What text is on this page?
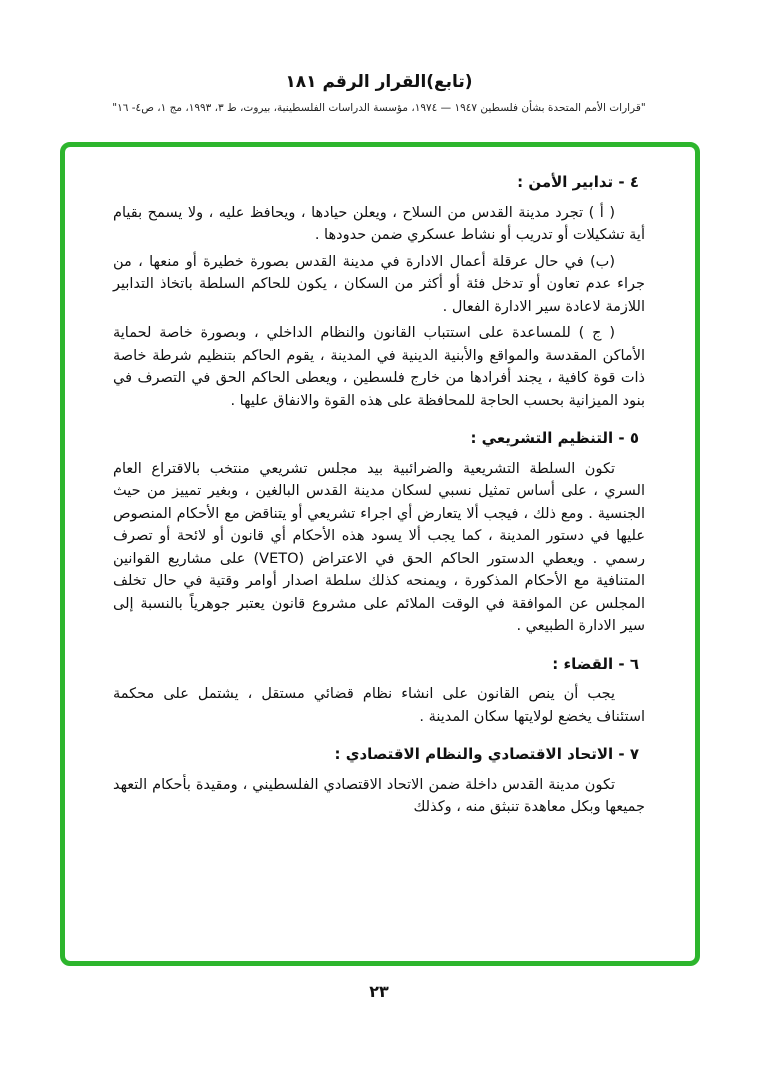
(تابع)القرار الرقم ١٨١
"قرارات الأمم المتحدة بشأن فلسطين ١٩٤٧ — ١٩٧٤، مؤسسة الدراسات الفلسطينية، بيروت، ط ٣، ١٩٩٣، مج ١، ص٤- ١٦"
٤ - تدابير الأمن :

( أ ) تجرد مدينة القدس من السلاح ، ويعلن حيادها ، ويحافظ عليه ، ولا يسمح بقيام أية تشكيلات أو تدريب أو نشاط عسكري ضمن حدودها .

(ب) في حال عرقلة أعمال الادارة في مدينة القدس بصورة خطيرة أو منعها ، من جراء عدم تعاون أو تدخل فئة أو أكثر من السكان ، يكون للحاكم السلطة باتخاذ التدابير اللازمة لاعادة سير الادارة الفعال .

( ج ) للمساعدة على استتباب القانون والنظام الداخلي ، وبصورة خاصة لحماية الأماكن المقدسة والمواقع والأبنية الدينية في المدينة ، يقوم الحاكم بتنظيم شرطة خاصة ذات قوة كافية ، يجند أفرادها من خارج فلسطين ، ويعطى الحاكم الحق في التصرف في بنود الميزانية بحسب الحاجة للمحافظة على هذه القوة والانفاق عليها .

٥ - التنظيم التشريعي :

تكون السلطة التشريعية والضرائبية بيد مجلس تشريعي منتخب بالاقتراع العام السري ، على أساس تمثيل نسبي لسكان مدينة القدس البالغين ، وبغير تمييز من حيث الجنسية . ومع ذلك ، فيجب ألا يتعارض أي اجراء تشريعي أو يتناقض مع الأحكام المنصوص عليها في دستور المدينة ، كما يجب ألا يسود هذه الأحكام أي قانون أو لائحة أو تصرف رسمي . ويعطي الدستور الحاكم الحق في الاعتراض (VETO) على مشاريع القوانين المتنافية مع الأحكام المذكورة ، ويمنحه كذلك سلطة اصدار أوامر وقتية في حال تخلف المجلس عن الموافقة في الوقت الملائم على مشروع قانون يعتبر جوهرياً بالنسبة إلى سير الادارة الطبيعي .

٦ - القضاء :

يجب أن ينص القانون على انشاء نظام قضائي مستقل ، يشتمل على محكمة استئناف يخضع لولايتها سكان المدينة .

٧ - الاتحاد الاقتصادي والنظام الاقتصادي :

تكون مدينة القدس داخلة ضمن الاتحاد الاقتصادي الفلسطيني ، ومقيدة بأحكام التعهد جميعها وبكل معاهدة تنبثق منه ، وكذلك

٢٣
